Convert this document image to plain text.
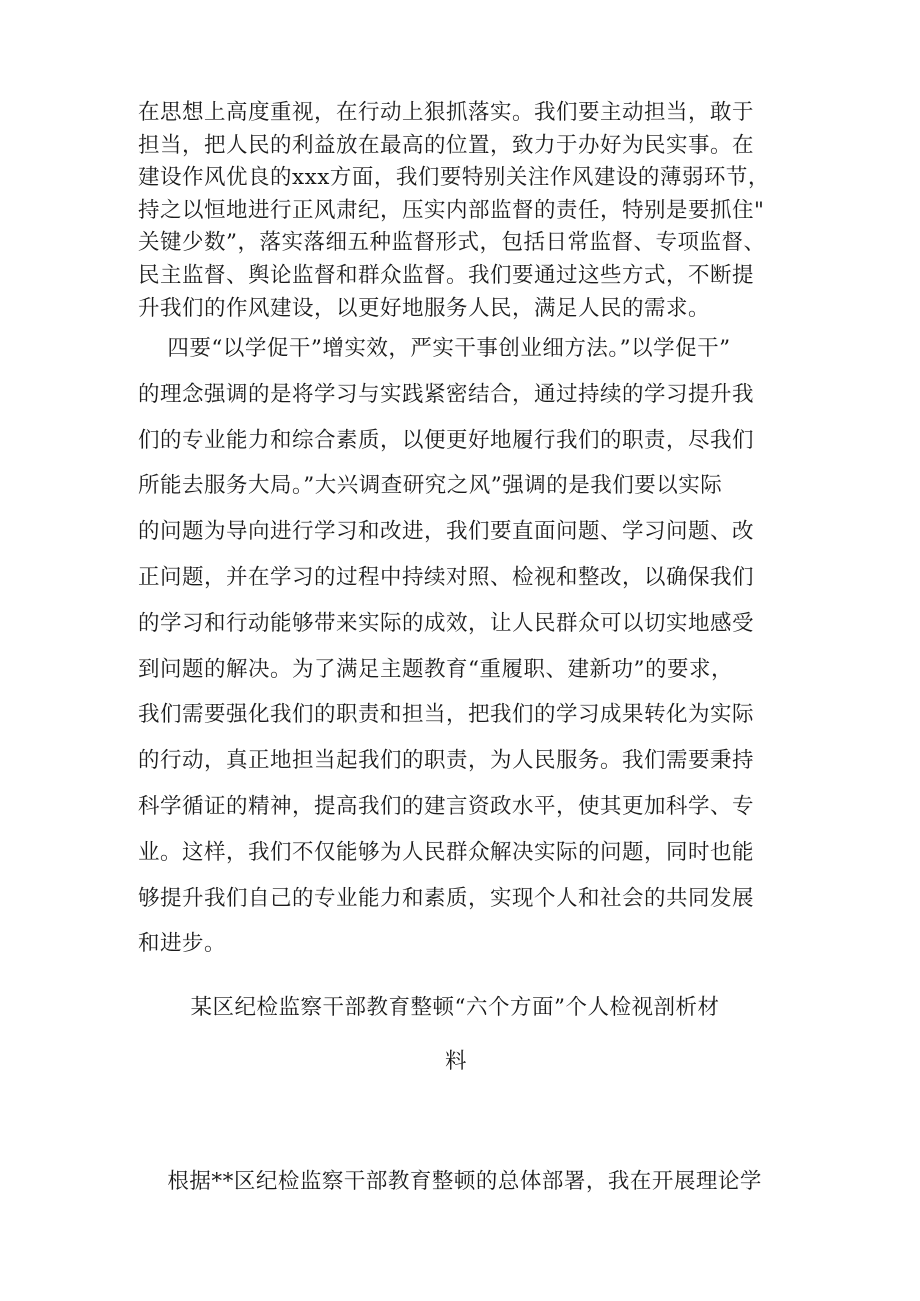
在思想上高度重视，在行动上狠抓落实。我们要主动担当，敢于
担当，把人民的利益放在最高的位置，致力于办好为民实事。在
建设作风优良的xxx方面，我们要特别关注作风建设的薄弱环节，
持之以恒地进行正风肃纪，压实内部监督的责任，特别是要抓住"
关键少数”，落实落细五种监督形式，包括日常监督、专项监督、
民主监督、舆论监督和群众监督。我们要通过这些方式，不断提
升我们的作风建设，以更好地服务人民，满足人民的需求。
四要“以学促干”增实效，严实干事创业细方法。”以学促干”
的理念强调的是将学习与实践紧密结合，通过持续的学习提升我
们的专业能力和综合素质，以便更好地履行我们的职责，尽我们
所能去服务大局。”大兴调查研究之风”强调的是我们要以实际
的问题为导向进行学习和改进，我们要直面问题、学习问题、改
正问题，并在学习的过程中持续对照、检视和整改，以确保我们
的学习和行动能够带来实际的成效，让人民群众可以切实地感受
到问题的解决。为了满足主题教育“重履职、建新功”的要求，
我们需要强化我们的职责和担当，把我们的学习成果转化为实际
的行动，真正地担当起我们的职责，为人民服务。我们需要秉持
科学循证的精神，提高我们的建言资政水平，使其更加科学、专
业。这样，我们不仅能够为人民群众解决实际的问题，同时也能
够提升我们自己的专业能力和素质，实现个人和社会的共同发展
和进步。
某区纪检监察干部教育整顿“六个方面”个人检视剖析材
料
根据**区纪检监察干部教育整顿的总体部署，我在开展理论学
